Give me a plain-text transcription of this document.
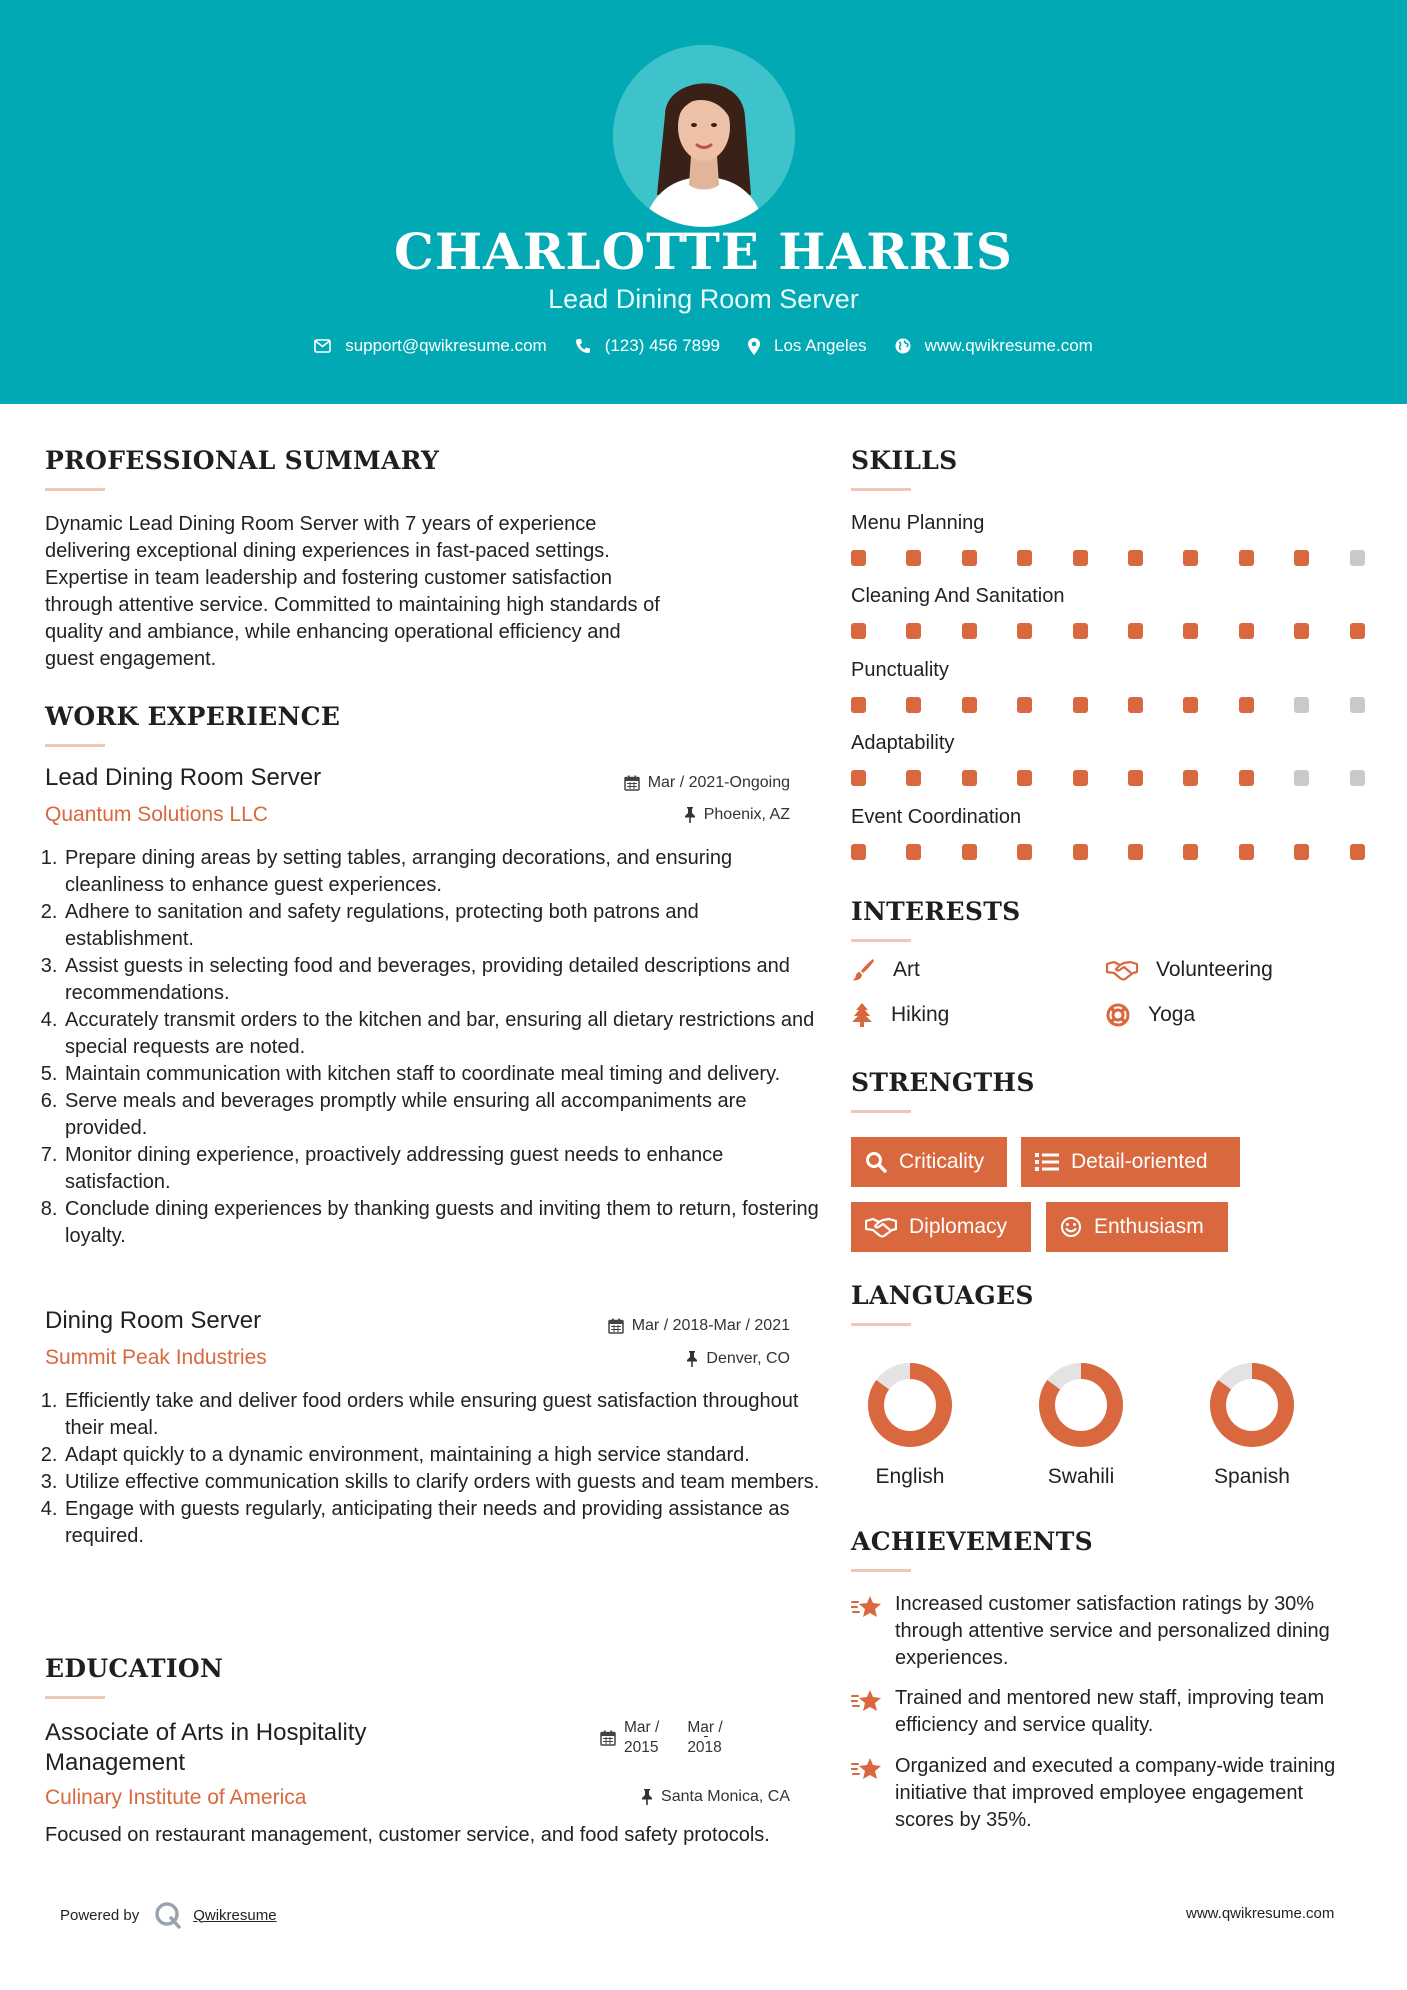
CHARLOTTE HARRIS
Lead Dining Room Server
support@qwikresume.com	(123) 456 7899	Los Angeles	www.qwikresume.com
PROFESSIONAL SUMMARY
Dynamic Lead Dining Room Server with 7 years of experience
delivering exceptional dining experiences in fast-paced settings.
Expertise in team leadership and fostering customer satisfaction
through attentive service. Committed to maintaining high standards of
quality and ambiance, while enhancing operational efficiency and
guest engagement.
WORK EXPERIENCE
Lead Dining Room Server	Mar / 2021-Ongoing
Quantum Solutions LLC	Phoenix, AZ
1. Prepare dining areas by setting tables, arranging decorations, and ensuring cleanliness to enhance guest experiences.
2. Adhere to sanitation and safety regulations, protecting both patrons and establishment.
3. Assist guests in selecting food and beverages, providing detailed descriptions and recommendations.
4. Accurately transmit orders to the kitchen and bar, ensuring all dietary restrictions and special requests are noted.
5. Maintain communication with kitchen staff to coordinate meal timing and delivery.
6. Serve meals and beverages promptly while ensuring all accompaniments are provided.
7. Monitor dining experience, proactively addressing guest needs to enhance satisfaction.
8. Conclude dining experiences by thanking guests and inviting them to return, fostering loyalty.
Dining Room Server	Mar / 2018-Mar / 2021
Summit Peak Industries	Denver, CO
1. Efficiently take and deliver food orders while ensuring guest satisfaction throughout their meal.
2. Adapt quickly to a dynamic environment, maintaining a high service standard.
3. Utilize effective communication skills to clarify orders with guests and team members.
4. Engage with guests regularly, anticipating their needs and providing assistance as required.
EDUCATION
Associate of Arts in Hospitality
Management
Mar /
2015
Mar /
2018
Culinary Institute of America	Santa Monica, CA
Focused on restaurant management, customer service, and food safety protocols.
SKILLS
Menu Planning
Cleaning And Sanitation
Punctuality
Adaptability
Event Coordination
INTERESTS
Art	Volunteering
Hiking	Yoga
STRENGTHS
Criticality	Detail-oriented
Diplomacy	Enthusiasm
LANGUAGES
English	Swahili	Spanish
ACHIEVEMENTS
Increased customer satisfaction ratings by 30% through attentive service and personalized dining experiences.
Trained and mentored new staff, improving team efficiency and service quality.
Organized and executed a company-wide training initiative that improved employee engagement scores by 35%.
Powered by	Qwikresume	www.qwikresume.com
